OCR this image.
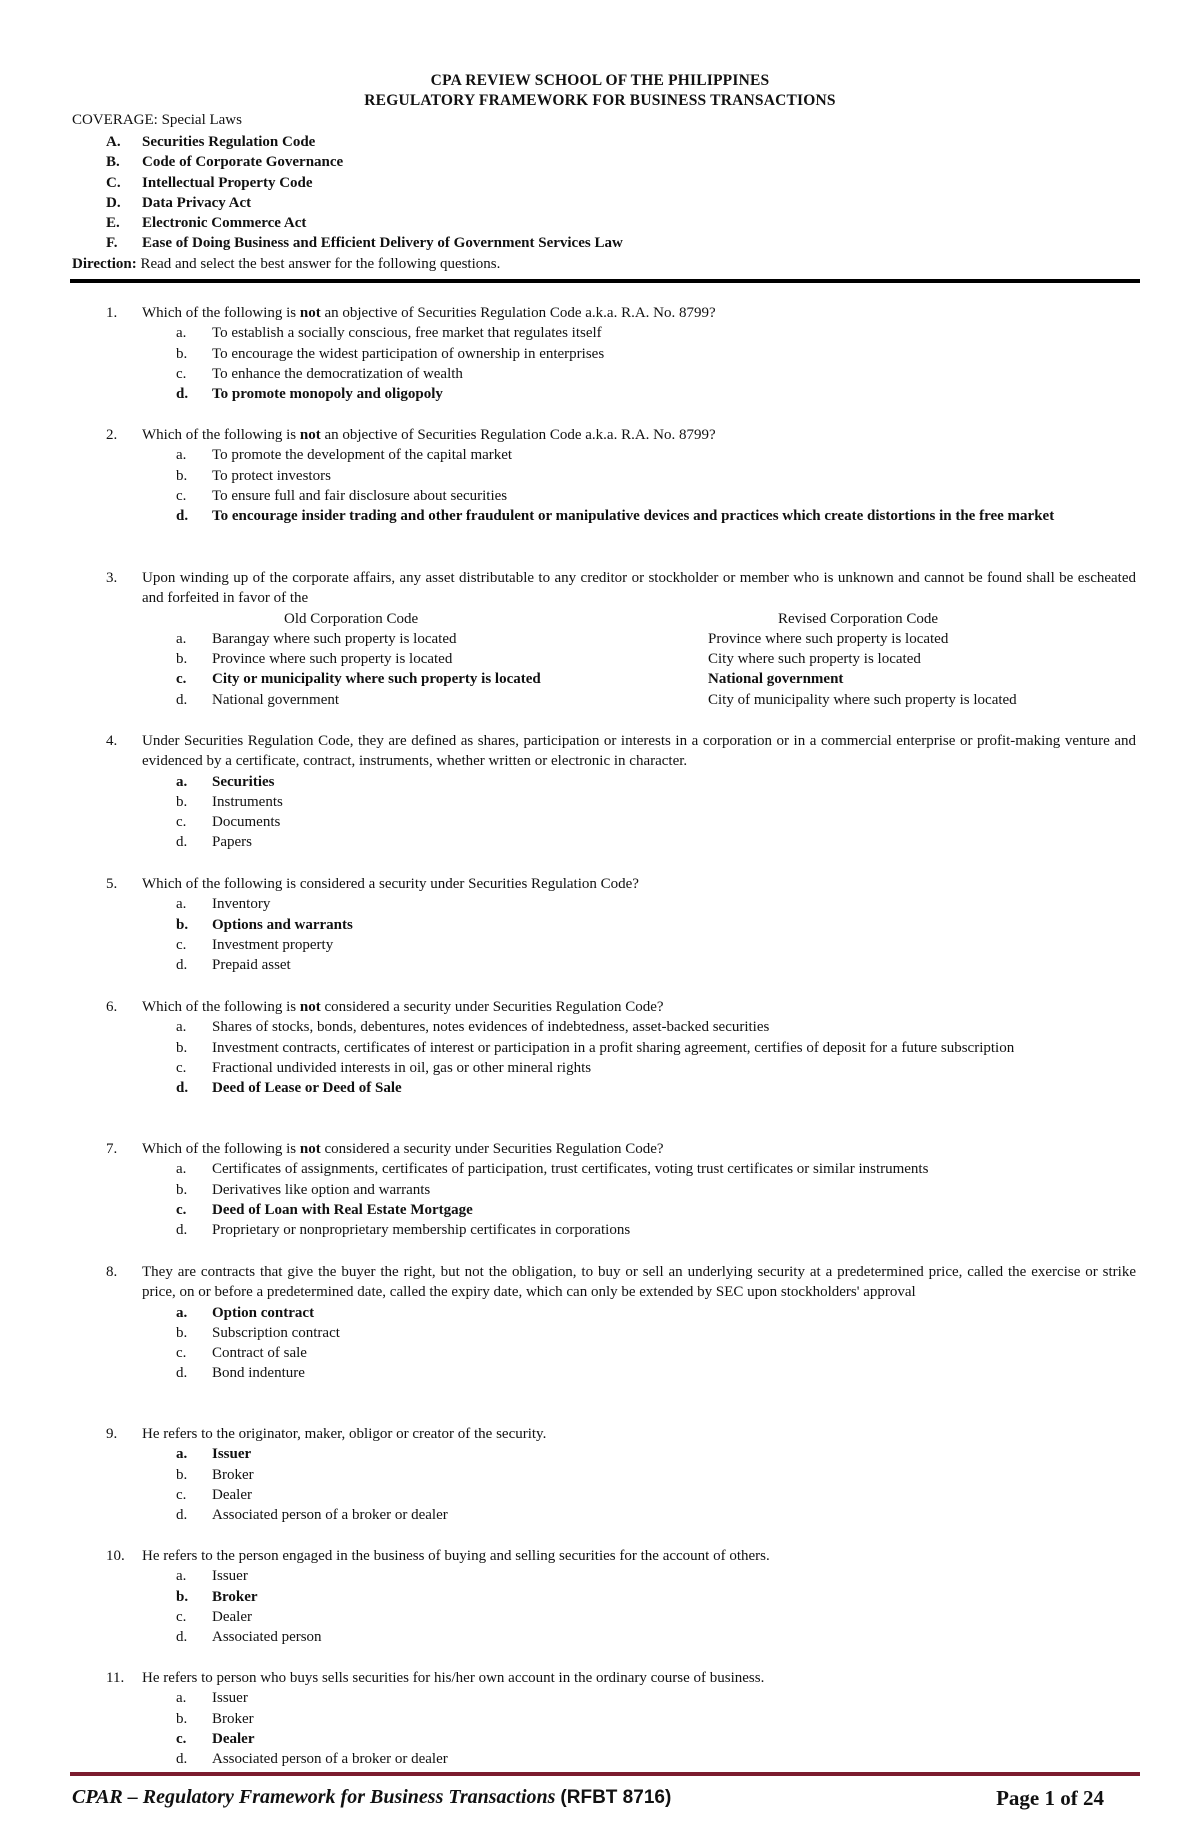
CPA REVIEW SCHOOL OF THE PHILIPPINES
REGULATORY FRAMEWORK FOR BUSINESS TRANSACTIONS
COVERAGE: Special Laws
A. Securities Regulation Code
B. Code of Corporate Governance
C. Intellectual Property Code
D. Data Privacy Act
E. Electronic Commerce Act
F. Ease of Doing Business and Efficient Delivery of Government Services Law
Direction: Read and select the best answer for the following questions.
1. Which of the following is not an objective of Securities Regulation Code a.k.a. R.A. No. 8799?
a. To establish a socially conscious, free market that regulates itself
b. To encourage the widest participation of ownership in enterprises
c. To enhance the democratization of wealth
d. To promote monopoly and oligopoly
2. Which of the following is not an objective of Securities Regulation Code a.k.a. R.A. No. 8799?
a. To promote the development of the capital market
b. To protect investors
c. To ensure full and fair disclosure about securities
d. To encourage insider trading and other fraudulent or manipulative devices and practices which create distortions in the free market
3. Upon winding up of the corporate affairs, any asset distributable to any creditor or stockholder or member who is unknown and cannot be found shall be escheated and forfeited in favor of the
Old Corporation Code	Revised Corporation Code
a. Barangay where such property is located	Province where such property is located
b. Province where such property is located	City where such property is located
c. City or municipality where such property is located	National government
d. National government	City of municipality where such property is located
4. Under Securities Regulation Code, they are defined as shares, participation or interests in a corporation or in a commercial enterprise or profit-making venture and evidenced by a certificate, contract, instruments, whether written or electronic in character.
a. Securities
b. Instruments
c. Documents
d. Papers
5. Which of the following is considered a security under Securities Regulation Code?
a. Inventory
b. Options and warrants
c. Investment property
d. Prepaid asset
6. Which of the following is not considered a security under Securities Regulation Code?
a. Shares of stocks, bonds, debentures, notes evidences of indebtedness, asset-backed securities
b. Investment contracts, certificates of interest or participation in a profit sharing agreement, certifies of deposit for a future subscription
c. Fractional undivided interests in oil, gas or other mineral rights
d. Deed of Lease or Deed of Sale
7. Which of the following is not considered a security under Securities Regulation Code?
a. Certificates of assignments, certificates of participation, trust certificates, voting trust certificates or similar instruments
b. Derivatives like option and warrants
c. Deed of Loan with Real Estate Mortgage
d. Proprietary or nonproprietary membership certificates in corporations
8. They are contracts that give the buyer the right, but not the obligation, to buy or sell an underlying security at a predetermined price, called the exercise or strike price, on or before a predetermined date, called the expiry date, which can only be extended by SEC upon stockholders' approval
a. Option contract
b. Subscription contract
c. Contract of sale
d. Bond indenture
9. He refers to the originator, maker, obligor or creator of the security.
a. Issuer
b. Broker
c. Dealer
d. Associated person of a broker or dealer
10. He refers to the person engaged in the business of buying and selling securities for the account of others.
a. Issuer
b. Broker
c. Dealer
d. Associated person
11. He refers to person who buys sells securities for his/her own account in the ordinary course of business.
a. Issuer
b. Broker
c. Dealer
d. Associated person of a broker or dealer
CPAR – Regulatory Framework for Business Transactions (RFBT 8716)	Page 1 of 24
